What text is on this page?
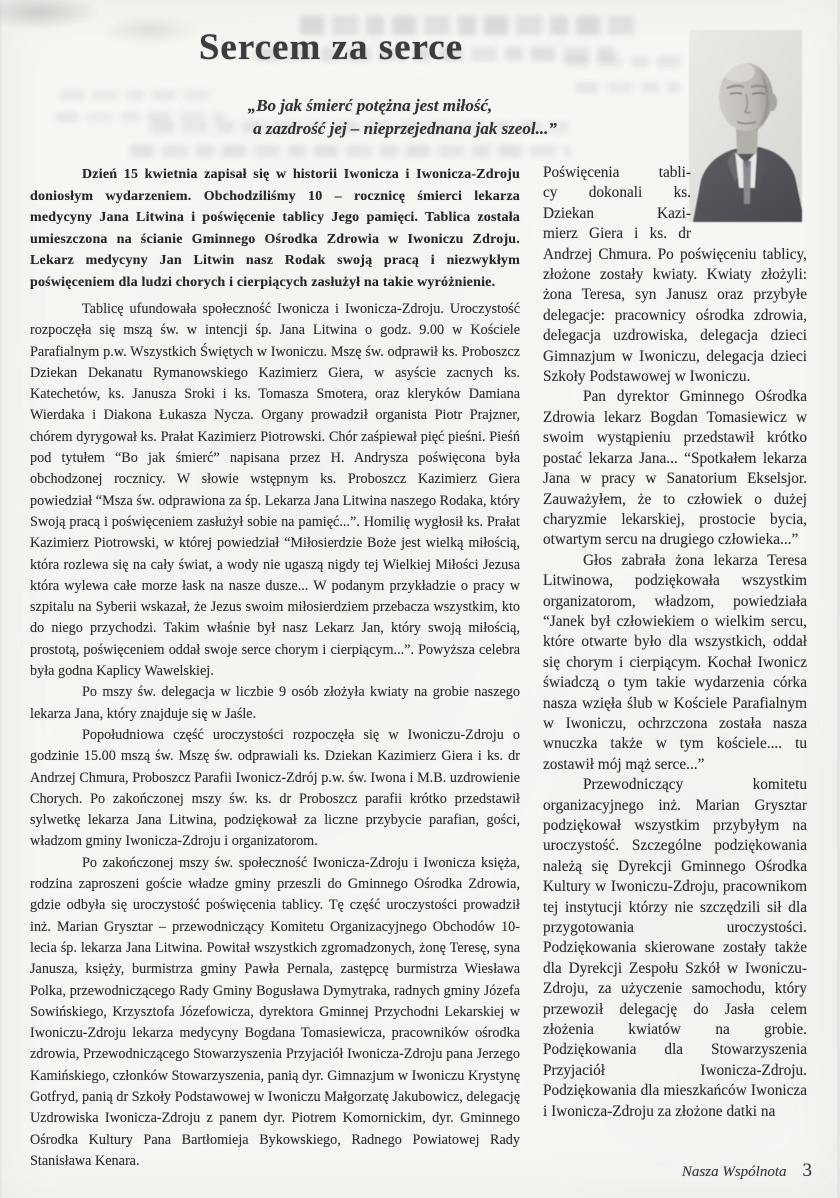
Sercem za serce
„Bo jak śmierć potężna jest miłość,
a zazdrość jej – nieprzejednana jak szeol...”

Dzień 15 kwietnia zapisał się w historii Iwonicza i Iwonicza-Zdroju doniosłym wydarzeniem. Obchodziliśmy 10 – rocznicę śmierci lekarza medycyny Jana Litwina i poświęcenie tablicy Jego pamięci. Tablica została umieszczona na ścianie Gminnego Ośrodka Zdrowia w Iwoniczu Zdroju. Lekarz medycyny Jan Litwin nasz Rodak swoją pracą i niezwykłym poświęceniem dla ludzi chorych i cierpiących zasłużył na takie wyróżnienie.

Tablicę ufundowała społeczność Iwonicza i Iwonicza-Zdroju. Uroczystość rozpoczęła się mszą św. w intencji śp. Jana Litwina o godz. 9.00 w Kościele Parafialnym p.w. Wszystkich Świętych w Iwoniczu. Mszę św. odprawił ks. Proboszcz Dziekan Dekanatu Rymanowskiego Kazimierz Giera, w asyście zacnych ks. Katechetów, ks. Janusza Sroki i ks. Tomasza Smotera, oraz kleryków Damiana Wierdaka i Diakona Łukasza Nycza. Organy prowadził organista Piotr Prajzner, chórem dyrygował ks. Prałat Kazimierz Piotrowski. Chór zaśpiewał pięć pieśni. Pieśń pod tytułem “Bo jak śmierć” napisana przez H. Andrysza poświęcona była obchodzonej rocznicy. W słowie wstępnym ks. Proboszcz Kazimierz Giera powiedział “Msza św. odprawiona za śp. Lekarza Jana Litwina naszego Rodaka, który Swoją pracą i poświęceniem zasłużył sobie na pamięć...”. Homilię wygłosił ks. Prałat Kazimierz Piotrowski, w której powiedział “Miłosierdzie Boże jest wielką miłością, która rozlewa się na cały świat, a wody nie ugaszą nigdy tej Wielkiej Miłości Jezusa która wylewa całe morze łask na nasze dusze... W podanym przykładzie o pracy w szpitalu na Syberii wskazał, że Jezus swoim miłosierdziem przebacza wszystkim, kto do niego przychodzi. Takim właśnie był nasz Lekarz Jan, który swoją miłością, prostotą, poświęceniem oddał swoje serce chorym i cierpiącym...”. Powyższa celebra była godna Kaplicy Wawelskiej.

Po mszy św. delegacja w liczbie 9 osób złożyła kwiaty na grobie naszego lekarza Jana, który znajduje się w Jaśle.

Popołudniowa część uroczystości rozpoczęła się w Iwoniczu-Zdroju o godzinie 15.00 mszą św. Mszę św. odprawiali ks. Dziekan Kazimierz Giera i ks. dr Andrzej Chmura, Proboszcz Parafii Iwonicz-Zdrój p.w. św. Iwona i M.B. uzdrowienie Chorych. Po zakończonej mszy św. ks. dr Proboszcz parafii krótko przedstawił sylwetkę lekarza Jana Litwina, podziękował za liczne przybycie parafian, gości, władzom gminy Iwonicza-Zdroju i organizatorom.

Po zakończonej mszy św. społeczność Iwonicza-Zdroju i Iwonicza księża, rodzina zaproszeni goście władze gminy przeszli do Gminnego Ośrodka Zdrowia, gdzie odbyła się uroczystość poświęcenia tablicy. Tę część uroczystości prowadził inż. Marian Grysztar – przewodniczący Komitetu Organizacyjnego Obchodów 10-lecia śp. lekarza Jana Litwina. Powitał wszystkich zgromadzonych, żonę Teresę, syna Janusza, księży, burmistrza gminy Pawła Pernala, zastępcę burmistrza Wiesława Polka, przewodniczącego Rady Gminy Bogusława Dymytraka, radnych gminy Józefa Sowińskiego, Krzysztofa Józefowicza, dyrektora Gminnej Przychodni Lekarskiej w Iwoniczu-Zdroju lekarza medycyny Bogdana Tomasiewicza, pracowników ośrodka zdrowia, Przewodniczącego Stowarzyszenia Przyjaciół Iwonicza-Zdroju pana Jerzego Kamińskiego, członków Stowarzyszenia, panią dyr. Gimnazjum w Iwoniczu Krystynę Gotfryd, panią dr Szkoły Podstawowej w Iwoniczu Małgorzatę Jakubowicz, delegację Uzdrowiska Iwonicza-Zdroju z panem dyr. Piotrem Komornickim, dyr. Gminnego Ośrodka Kultury Pana Bartłomieja Bykowskiego, Radnego Powiatowej Rady Stanisława Kenara.

Poświęcenia tabli-
cy dokonali ks.
Dziekan Kazi-
mierz Giera i ks. dr

Andrzej Chmura. Po poświęceniu tablicy, złożone zostały kwiaty. Kwiaty złożyli: żona Teresa, syn Janusz oraz przybyłe delegacje: pracownicy ośrodka zdrowia, delegacja uzdrowiska, delegacja dzieci Gimnazjum w Iwoniczu, delegacja dzieci Szkoły Podstawowej w Iwoniczu.

Pan dyrektor Gminnego Ośrodka Zdrowia lekarz Bogdan Tomasiewicz w swoim wystąpieniu przedstawił krótko postać lekarza Jana... “Spotkałem lekarza Jana w pracy w Sanatorium Ekselsjor. Zauważyłem, że to człowiek o dużej charyzmie lekarskiej, prostocie bycia, otwartym sercu na drugiego człowieka...”

Głos zabrała żona lekarza Teresa Litwinowa, podziękowała wszystkim organizatorom, władzom, powiedziała “Janek był człowiekiem o wielkim sercu, które otwarte było dla wszystkich, oddał się chorym i cierpiącym. Kochał Iwonicz świadczą o tym takie wydarzenia córka nasza wzięła ślub w Kościele Parafialnym w Iwoniczu, ochrzczona została nasza wnuczka także w tym kościele.... tu zostawił mój mąż serce...”

Przewodniczący komitetu organizacyjnego inż. Marian Grysztar podziękował wszystkim przybyłym na uroczystość. Szczególne podziękowania należą się Dyrekcji Gminnego Ośrodka Kultury w Iwoniczu-Zdroju, pracownikom tej instytucji którzy nie szczędzili sił dla przygotowania uroczystości. Podziękowania skierowane zostały także dla Dyrekcji Zespołu Szkół w Iwoniczu-Zdroju, za użyczenie samochodu, który przewoził delegację do Jasła celem złożenia kwiatów na grobie. Podziękowania dla Stowarzyszenia Przyjaciół Iwonicza-Zdroju. Podziękowania dla mieszkańców Iwonicza i Iwonicza-Zdroju za złożone datki na

Nasza Wspólnota 3
